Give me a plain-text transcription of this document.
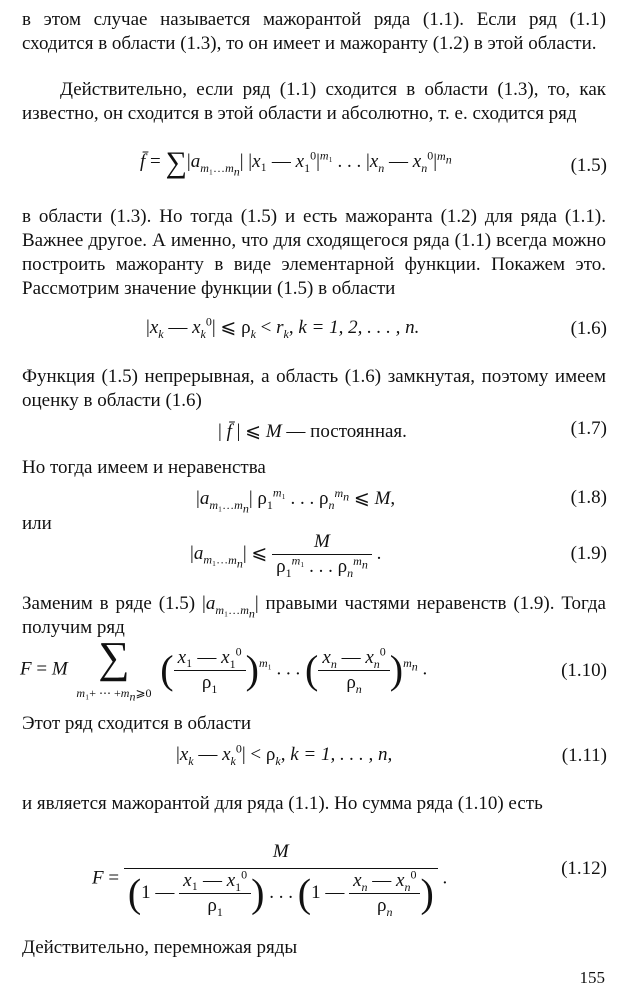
в этом случае называется мажорантой ряда (1.1). Если ряд (1.1) сходится в области (1.3), то он имеет и мажоранту (1.2) в этой области.
Действительно, если ряд (1.1) сходится в области (1.3), то, как известно, он сходится в этой области и абсолютно, т. е. сходится ряд
f̄ = $\sum|a_{m_1\dots m_n}|$ |x₁ — $x_1^0|^{m_1}$ . . . $|x_n$ — $x_n^0|^{m_n}$	(1.5)
в области (1.3). Но тогда (1.5) и есть мажоранта (1.2) для ряда (1.1). Важнее другое. А именно, что для сходящегося ряда (1.1) всегда можно построить мажоранту в виде элементарной функции. Покажем это. Рассмотрим значение функции (1.5) в области
$|x_k$ — $x_k^0|$ ⩽ $\rho_k < r_k$, k = 1, 2, . . . , n.	(1.6)
Функция (1.5) непрерывная, а область (1.6) замкнутая, поэтому имеем оценку в области (1.6)
| f̄ | ⩽ M — постоянная.	(1.7)
Но тогда имеем и неравенства
$|a_{m_1\dots m_n}|$ $\rho_1^{m_1}$ . . . $\rho_n^{m_n}$ ⩽ M,	(1.8)
или
$|a_{m_1\dots m_n}|$ ⩽ $\frac{M}{\rho_1^{m_1} . . . \rho_n^{m_n}}$ .	(1.9)
Заменим в ряде (1.5) $|a_{m_1\dots m_n}|$ правыми частями неравенств (1.9). Тогда получим ряд
F = M ∑
m₁+ ⋯ $+m_n⩾0$ ( $\frac{x_1 — x_1^0}{\rho_1} )^{m_1}$ . . . ( $\frac{x_n — x_n^0}{\rho_n} )^{m_n}$ .	(1.10)
Этот ряд сходится в области
$|x_k$ — $x_k^0| < \rho_k$, k = 1, . . . , n,	(1.11)
и является мажорантой для ряда (1.1). Но сумма ряда (1.10) есть
$F = \frac{M}{(1 — \frac{x_1 — x_1^0}{\rho_1} ) . . . (1 — \frac{x_n — x_n^0}{\rho_n} )}$ .	(1.12)
Действительно, перемножая ряды
155
